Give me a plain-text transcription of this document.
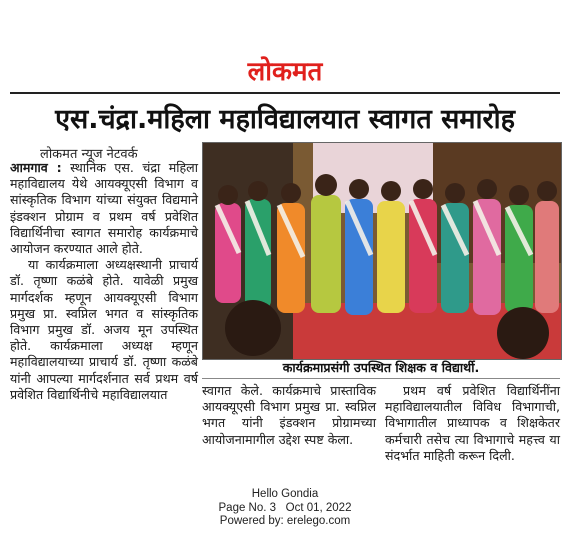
लोकमत
एस.चंद्रा.महिला महाविद्यालयात स्वागत समारोह
लोकमत न्यूज नेटवर्क

आमगाव : स्थानिक एस. चंद्रा महिला महाविद्यालय येथे आयक्यूएसी विभाग व सांस्कृतिक विभाग यांच्या संयुक्त विद्यमाने इंडक्शन प्रोग्राम व प्रथम वर्ष प्रवेशित विद्यार्थिनीचा स्वागत समारोह कार्यक्रमाचे आयोजन करण्यात आले होते.

या कार्यक्रमाला अध्यक्षस्थानी प्राचार्य डॉ. तृष्णा कळंबे होते. यावेळी प्रमुख मार्गदर्शक म्हणून आयक्यूएसी विभाग प्रमुख प्रा. स्वप्निल भगत व सांस्कृतिक विभाग प्रमुख डॉ. अजय मून उपस्थित होते. कार्यक्रमाला अध्यक्ष म्हणून महाविद्यालयाच्या प्राचार्य डॉ. तृष्णा कळंबे यांनी आपल्या मार्गदर्शनात सर्व प्रथम वर्ष प्रवेशित विद्यार्थिनीचे महाविद्यालयात

कार्यक्रमाप्रसंगी उपस्थित शिक्षक व विद्यार्थी.
स्वागत केले. कार्यक्रमाचे प्रास्ताविक आयक्यूएसी विभाग प्रमुख प्रा. स्वप्निल भगत यांनी इंडक्शन प्रोग्रामच्या आयोजनामागील उद्देश स्पष्ट केला.
प्रथम वर्ष प्रवेशित विद्यार्थिनींना महाविद्यालयातील विविध विभागाची, विभागातील प्राध्यापक व शिक्षकेतर कर्मचारी तसेच त्या विभागाचे महत्त्व या संदर्भात माहिती करून दिली.
Hello Gondia
Page No. 3   Oct 01, 2022
Powered by: erelego.com
